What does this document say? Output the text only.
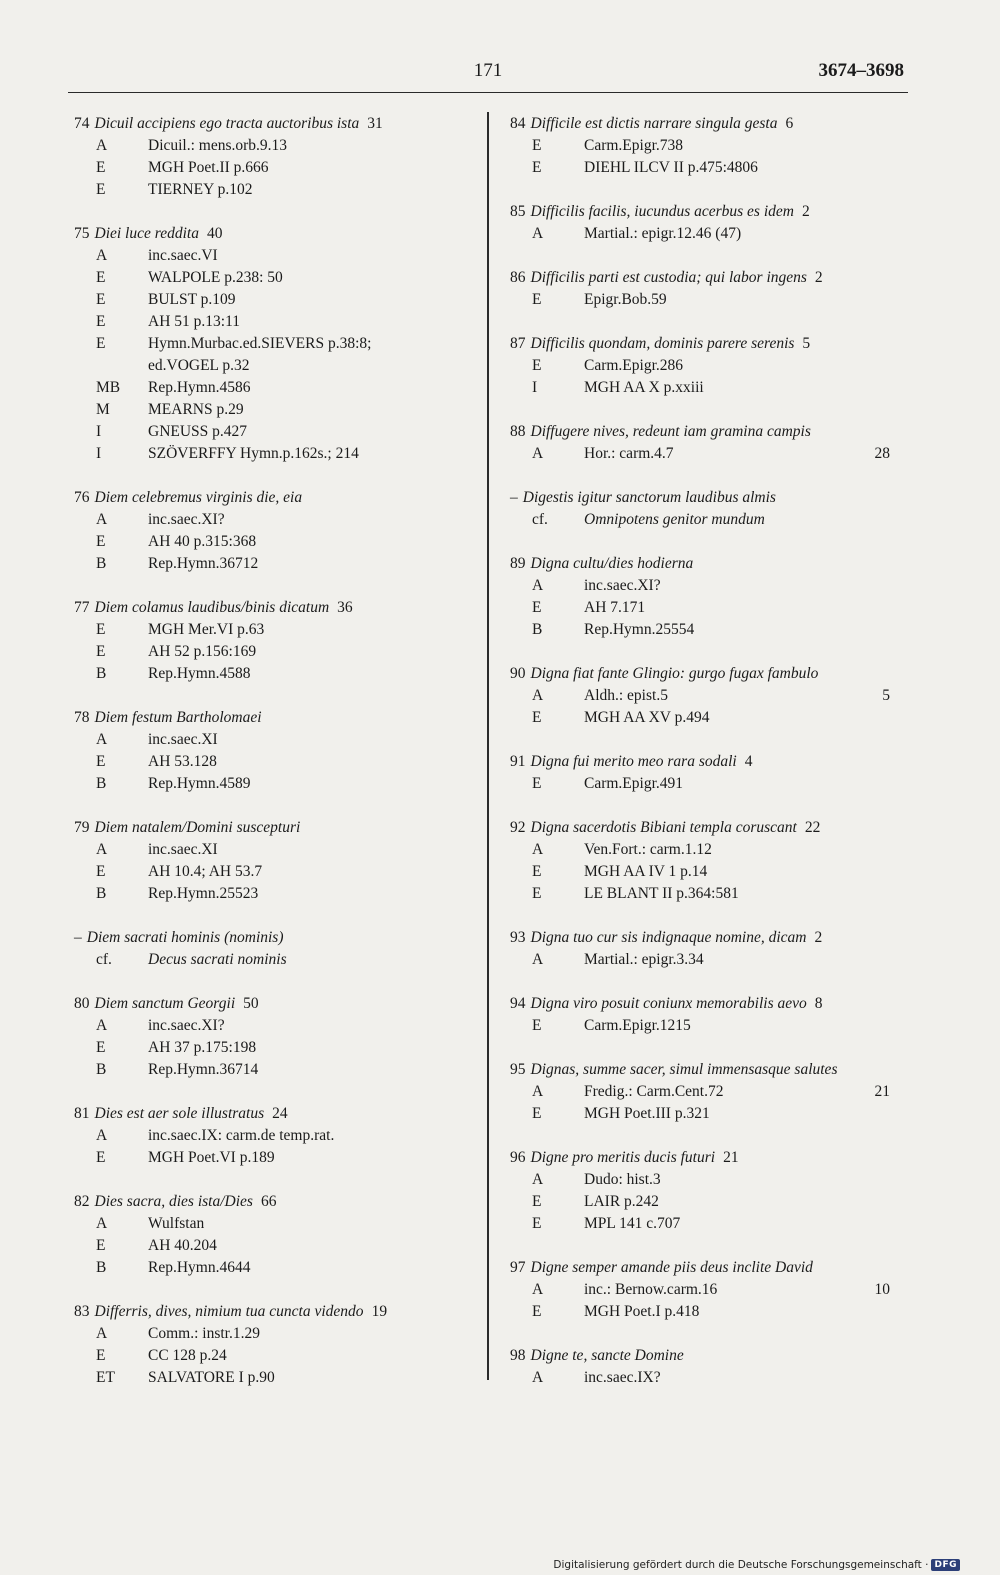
171	3674–3698
74 Dicuil accipiens ego tracta auctoribus ista 31
A	Dicuil.: mens.orb.9.13
E	MGH Poet.II p.666
E	TIERNEY p.102
75 Diei luce reddita 40
A	inc.saec.VI
E	WALPOLE p.238: 50
E	BULST p.109
E	AH 51 p.13:11
E	Hymn.Murbac.ed.SIEVERS p.38:8;
ed.VOGEL p.32
MB	Rep.Hymn.4586
M	MEARNS p.29
I	GNEUSS p.427
I	SZÖVERFFY Hymn.p.162s.; 214
76 Diem celebremus virginis die, eia
A	inc.saec.XI?
E	AH 40 p.315:368
B	Rep.Hymn.36712
77 Diem colamus laudibus/binis dicatum 36
E	MGH Mer.VI p.63
E	AH 52 p.156:169
B	Rep.Hymn.4588
78 Diem festum Bartholomaei
A	inc.saec.XI
E	AH 53.128
B	Rep.Hymn.4589
79 Diem natalem/Domini suscepturi
A	inc.saec.XI
E	AH 10.4; AH 53.7
B	Rep.Hymn.25523
– Diem sacrati hominis (nominis)
cf.	Decus sacrati nominis
80 Diem sanctum Georgii 50
A	inc.saec.XI?
E	AH 37 p.175:198
B	Rep.Hymn.36714
81 Dies est aer sole illustratus 24
A	inc.saec.IX: carm.de temp.rat.
E	MGH Poet.VI p.189
82 Dies sacra, dies ista/Dies 66
A	Wulfstan
E	AH 40.204
B	Rep.Hymn.4644
83 Differris, dives, nimium tua cuncta videndo 19
A	Comm.: instr.1.29
E	CC 128 p.24
ET	SALVATORE I p.90
84 Difficile est dictis narrare singula gesta 6
E	Carm.Epigr.738
E	DIEHL ILCV II p.475:4806
85 Difficilis facilis, iucundus acerbus es idem 2
A	Martial.: epigr.12.46 (47)
86 Difficilis parti est custodia; qui labor ingens 2
E	Epigr.Bob.59
87 Difficilis quondam, dominis parere serenis 5
E	Carm.Epigr.286
I	MGH AA X p.xxiii
88 Diffugere nives, redeunt iam gramina campis
A	Hor.: carm.4.7	28
– Digestis igitur sanctorum laudibus almis
cf.	Omnipotens genitor mundum
89 Digna cultu/dies hodierna
A	inc.saec.XI?
E	AH 7.171
B	Rep.Hymn.25554
90 Digna fiat fante Glingio: gurgo fugax fambulo
A	Aldh.: epist.5	5
E	MGH AA XV p.494
91 Digna fui merito meo rara sodali 4
E	Carm.Epigr.491
92 Digna sacerdotis Bibiani templa coruscant 22
A	Ven.Fort.: carm.1.12
E	MGH AA IV 1 p.14
E	LE BLANT II p.364:581
93 Digna tuo cur sis indignaque nomine, dicam 2
A	Martial.: epigr.3.34
94 Digna viro posuit coniunx memorabilis aevo 8
E	Carm.Epigr.1215
95 Dignas, summe sacer, simul immensasque salutes
A	Fredig.: Carm.Cent.72	21
E	MGH Poet.III p.321
96 Digne pro meritis ducis futuri 21
A	Dudo: hist.3
E	LAIR p.242
E	MPL 141 c.707
97 Digne semper amande piis deus inclite David
A	inc.: Bernow.carm.16	10
E	MGH Poet.I p.418
98 Digne te, sancte Domine
A	inc.saec.IX?
Digitalisierung gefördert durch die Deutsche Forschungsgemeinschaft · DFG
